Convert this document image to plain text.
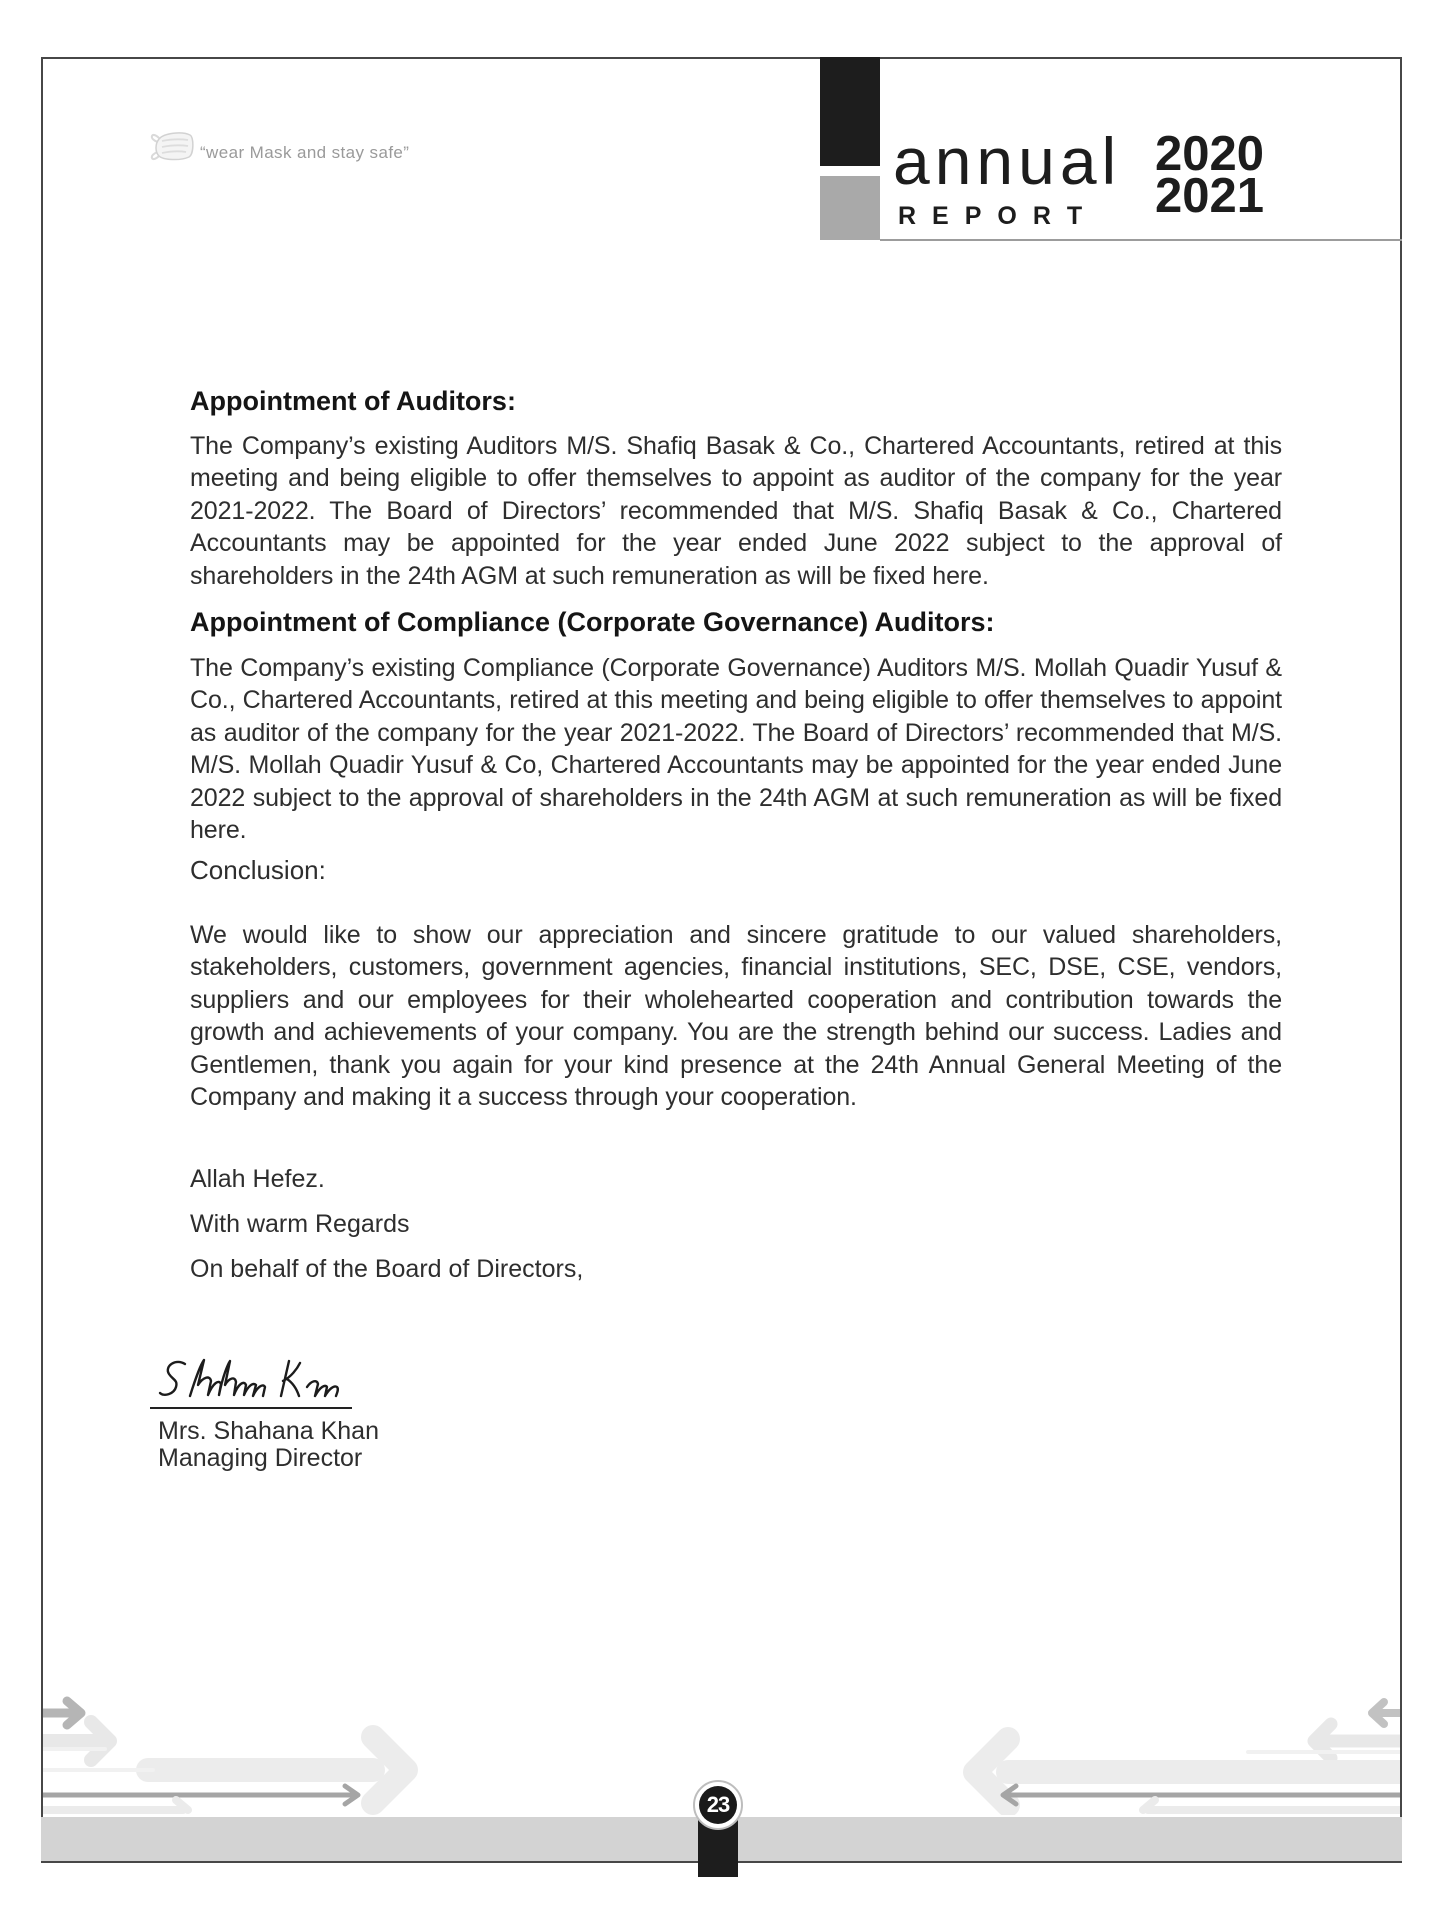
“wear Mask and stay safe”	annual
REPORT
2020
2021
Appointment of Auditors:
The Company’s existing Auditors M/S. Shafiq Basak & Co., Chartered Accountants, retired at this meeting and being eligible to offer themselves to appoint as auditor of the company for the year 2021-2022. The Board of Directors’ recommended that M/S. Shafiq Basak & Co., Chartered Accountants may be appointed for the year ended June 2022 subject to the approval of shareholders in the 24th AGM at such remuneration as will be fixed here.
Appointment of Compliance (Corporate Governance) Auditors:
The Company’s existing Compliance (Corporate Governance) Auditors M/S. Mollah Quadir Yusuf & Co., Chartered Accountants, retired at this meeting and being eligible to offer themselves to appoint as auditor of the company for the year 2021-2022. The Board of Directors’ recommended that M/S. M/S. Mollah Quadir Yusuf & Co, Chartered Accountants may be appointed for the year ended June 2022 subject to the approval of shareholders in the 24th AGM at such remuneration as will be fixed here.
Conclusion:
We would like to show our appreciation and sincere gratitude to our valued shareholders, stakeholders, customers, government agencies, financial institutions, SEC, DSE, CSE, vendors, suppliers and our employees for their wholehearted cooperation and contribution towards the growth and achievements of your company. You are the strength behind our success. Ladies and Gentlemen, thank you again for your kind presence at the 24th Annual General Meeting of the Company and making it a success through your cooperation.
Allah Hefez.
With warm Regards
On behalf of the Board of Directors,
Mrs. Shahana Khan
Managing Director
23
